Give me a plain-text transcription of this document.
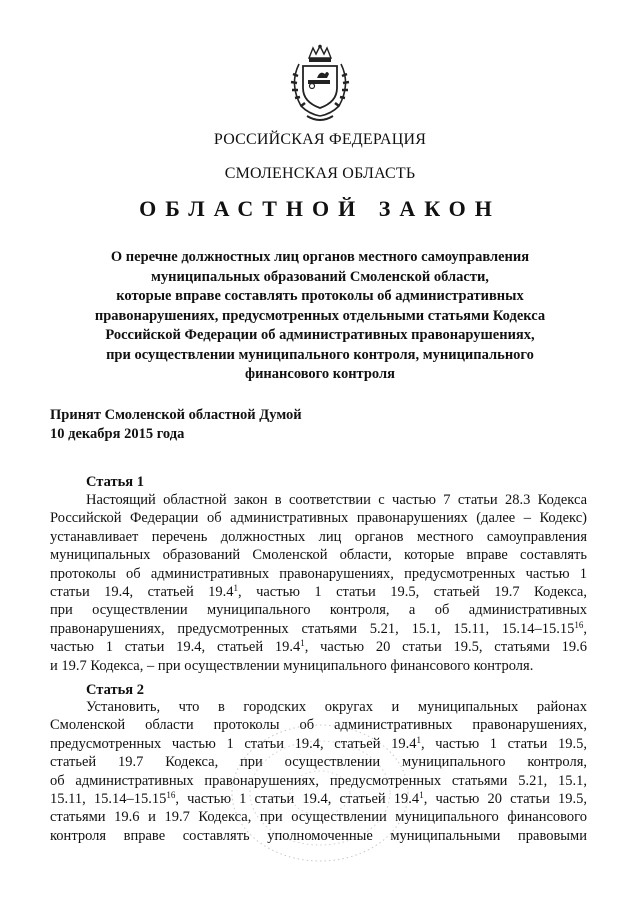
РОССИЙСКАЯ ФЕДЕРАЦИЯ
СМОЛЕНСКАЯ ОБЛАСТЬ
ОБЛАСТНОЙ ЗАКОН
О перечне должностных лиц органов местного самоуправления
муниципальных образований Смоленской области,
которые вправе составлять протоколы об административных
правонарушениях, предусмотренных отдельными статьями Кодекса
Российской Федерации об административных правонарушениях,
при осуществлении муниципального контроля, муниципального
финансового контроля
Принят Смоленской областной Думой
10 декабря 2015 года
Статья 1
Настоящий областной закон в соответствии с частью 7 статьи 28.3 Кодекса
Российской Федерации об административных правонарушениях (далее – Кодекс)
устанавливает перечень должностных лиц органов местного самоуправления
муниципальных образований Смоленской области, которые вправе составлять
протоколы об административных правонарушениях, предусмотренных частью 1
статьи 19.4, статьей 19.4$^1$, частью 1 статьи 19.5, статьей 19.7 Кодекса,
при осуществлении муниципального контроля, а об административных
правонарушениях, предусмотренных статьями 5.21, 15.1, 15.11, 15.14–15.15$^{16}$,
частью 1 статьи 19.4, статьей 19.4$^1$, частью 20 статьи 19.5, статьями 19.6
и 19.7 Кодекса, – при осуществлении муниципального финансового контроля.
Статья 2
Установить, что в городских округах и муниципальных районах
Смоленской области протоколы об административных правонарушениях,
предусмотренных частью 1 статьи 19.4, статьей 19.4$^1$, частью 1 статьи 19.5,
статьей 19.7 Кодекса, при осуществлении муниципального контроля,
об административных правонарушениях, предусмотренных статьями 5.21, 15.1,
15.11, 15.14–15.15$^{16}$, частью 1 статьи 19.4, статьей 19.4$^1$, частью 20 статьи 19.5,
статьями 19.6 и 19.7 Кодекса, при осуществлении муниципального финансового
контроля вправе составлять уполномоченные муниципальными правовыми
